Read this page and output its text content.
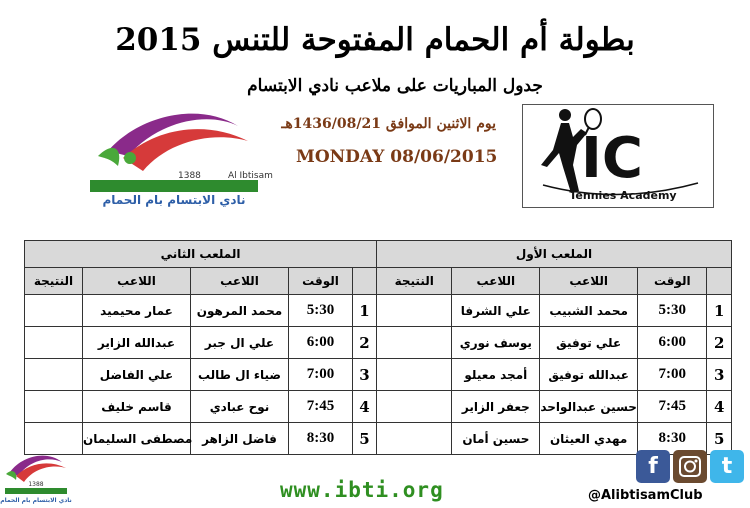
بطولة أم الحمام المفتوحة للتنس 2015
جدول المباريات على ملاعب نادي الابتسام
يوم الاثنين الموافق 1436/08/21هـ
MONDAY 08/06/2015
1388	Al Ibtisam
نادي الابتسام بام الحمام
IC
Tennies Academy
الملعب الأول				
النتيجة	اللاعب	اللاعب	الوقت	
	علي الشرفا	محمد الشبيب	5:30	1
	يوسف نوري	علي توفيق	6:00	2
	أمجد معيلو	عبدالله توفيق	7:00	3
	جعفر الزاير	حسين عبدالواحد	7:45	4
	حسين أمان	مهدي العيثان	8:30	5
الملعب الثاني				
النتيجة	اللاعب	اللاعب	الوقت	
	عمار محيميد	محمد المرهون	5:30	1
	عبدالله الزاير	علي ال جبر	6:00	2
	علي الفاضل	ضياء ال طالب	7:00	3
	قاسم خليف	نوح عبادي	7:45	4
	مصطفى السليمان	فاضل الزاهر	8:30	5
1388
نادي الابتسام بام الحمام	www.ibti.org
f	t
@AlibtisamClub
